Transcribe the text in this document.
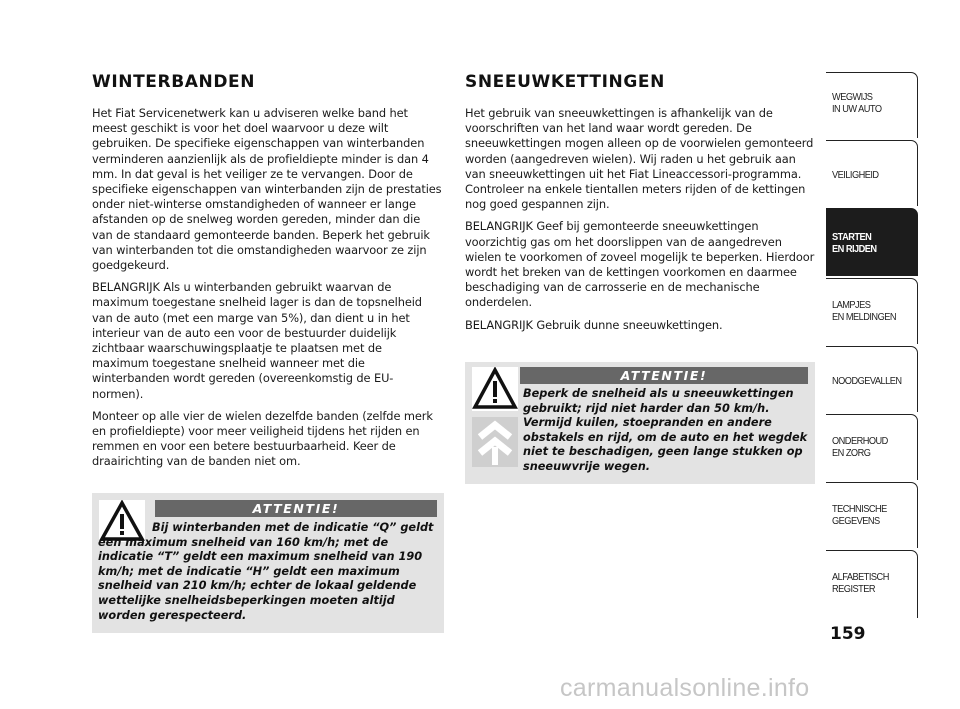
WINTERBANDEN

Het Fiat Servicenetwerk kan u adviseren welke band het meest geschikt is voor het doel waarvoor u deze wilt gebruiken. De specifieke eigenschappen van winterbanden verminderen aanzienlijk als de profieldiepte minder is dan 4 mm. In dat geval is het veiliger ze te vervangen. Door de specifieke eigenschappen van winterbanden zijn de prestaties onder niet-winterse omstandigheden of wanneer er lange afstanden op de snelweg worden gereden, minder dan die van de standaard gemonteerde banden. Beperk het gebruik van winterbanden tot die omstandigheden waarvoor ze zijn goedgekeurd.

BELANGRIJK Als u winterbanden gebruikt waarvan de maximum toegestane snelheid lager is dan de topsnelheid van de auto (met een marge van 5%), dan dient u in het interieur van de auto een voor de bestuurder duidelijk zichtbaar waarschuwingsplaatje te plaatsen met de maximum toegestane snelheid wanneer met die winterbanden wordt gereden (overeenkomstig de EU-normen).

Monteer op alle vier de wielen dezelfde banden (zelfde merk en profieldiepte) voor meer veiligheid tijdens het rijden en remmen en voor een betere bestuurbaarheid. Keer de draairichting van de banden niet om.

ATTENTIE!
Bij winterbanden met de indicatie “Q” geldt een maximum snelheid van 160 km/h; met de indicatie “T” geldt een maximum snelheid van 190 km/h; met de indicatie “H” geldt een maximum snelheid van 210 km/h; echter de lokaal geldende wettelijke snelheidsbeperkingen moeten altijd worden gerespecteerd.
SNEEUWKETTINGEN

Het gebruik van sneeuwkettingen is afhankelijk van de voorschriften van het land waar wordt gereden. De sneeuwkettingen mogen alleen op de voorwielen gemonteerd worden (aangedreven wielen). Wij raden u het gebruik aan van sneeuwkettingen uit het Fiat Lineaccessori-programma. Controleer na enkele tientallen meters rijden of de kettingen nog goed gespannen zijn.

BELANGRIJK Geef bij gemonteerde sneeuwkettingen voorzichtig gas om het doorslippen van de aangedreven wielen te voorkomen of zoveel mogelijk te beperken. Hierdoor wordt het breken van de kettingen voorkomen en daarmee beschadiging van de carrosserie en de mechanische onderdelen.

BELANGRIJK Gebruik dunne sneeuwkettingen.

ATTENTIE!
Beperk de snelheid als u sneeuwkettingen gebruikt; rijd niet harder dan 50 km/h. Vermijd kuilen, stoepranden en andere obstakels en rijd, om de auto en het wegdek niet te beschadigen, geen lange stukken op sneeuwvrije wegen.
WEGWIJS
IN UW AUTO
VEILIGHEID
STARTEN
EN RIJDEN
LAMPJES
EN MELDINGEN
NOODGEVALLEN
ONDERHOUD
EN ZORG
TECHNISCHE
GEGEVENS
ALFABETISCH
REGISTER
159
carmanualsonline.info
